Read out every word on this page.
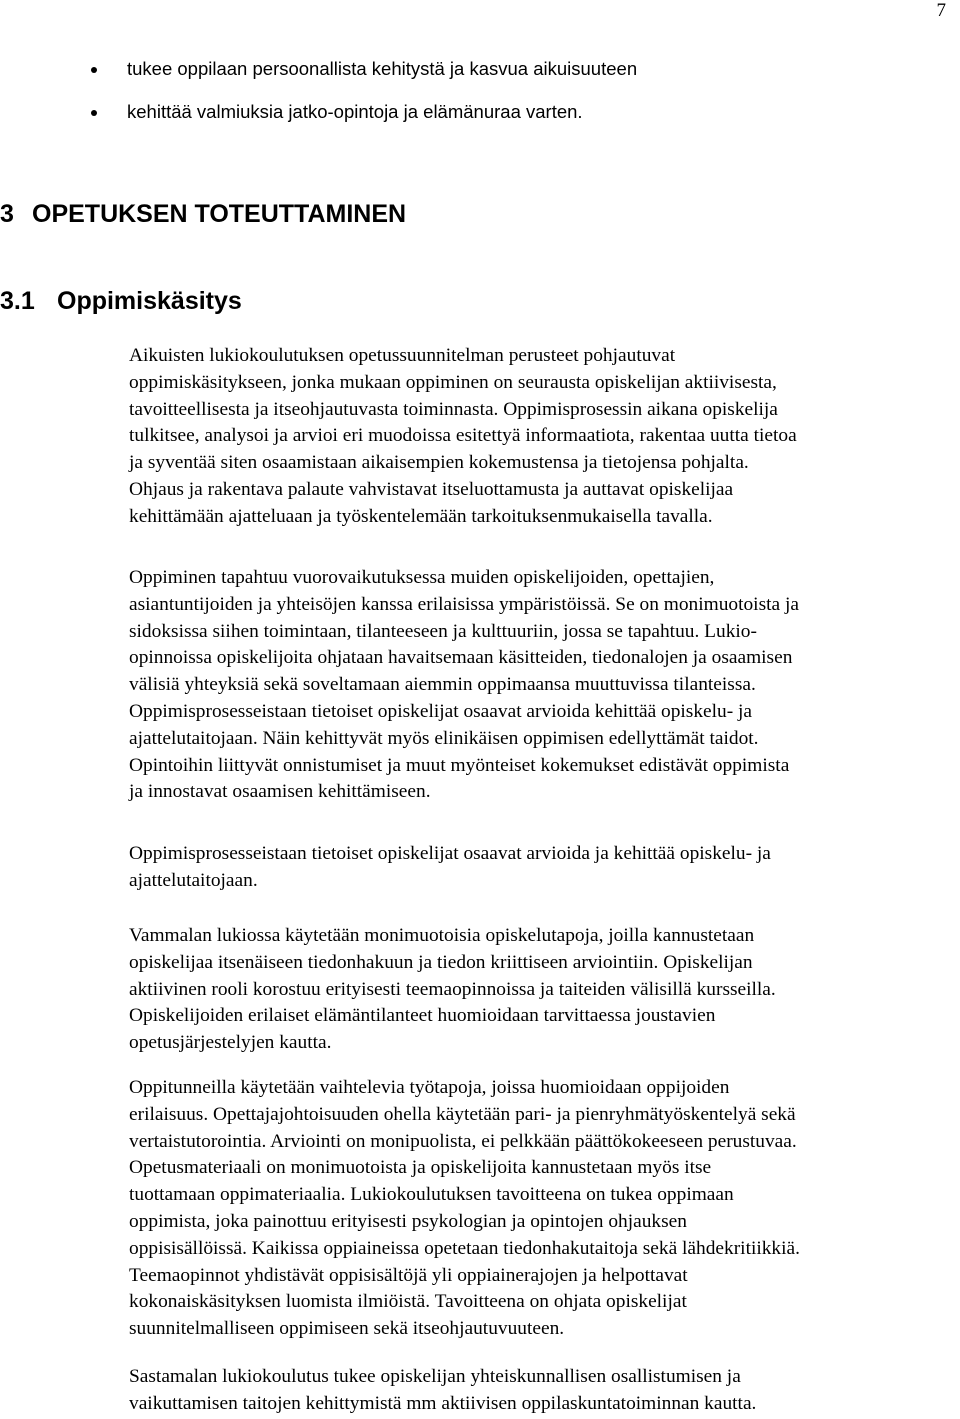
7
tukee oppilaan persoonallista kehitystä ja kasvua aikuisuuteen
kehittää valmiuksia jatko-opintoja ja elämänuraa varten.
3 OPETUKSEN TOTEUTTAMINEN
3.1 Oppimiskäsitys

Aikuisten lukiokoulutuksen opetussuunnitelman perusteet pohjautuvat
oppimiskäsitykseen, jonka mukaan oppiminen on seurausta opiskelijan aktiivisesta,
tavoitteellisesta ja itseohjautuvasta toiminnasta. Oppimisprosessin aikana opiskelija
tulkitsee, analysoi ja arvioi eri muodoissa esitettyä informaatiota, rakentaa uutta tietoa
ja syventää siten osaamistaan aikaisempien kokemustensa ja tietojensa pohjalta.
Ohjaus ja rakentava palaute vahvistavat itseluottamusta ja auttavat opiskelijaa
kehittämään ajatteluaan ja työskentelemään tarkoituksenmukaisella tavalla.

Oppiminen tapahtuu vuorovaikutuksessa muiden opiskelijoiden, opettajien,
asiantuntijoiden ja yhteisöjen kanssa erilaisissa ympäristöissä. Se on monimuotoista ja
sidoksissa siihen toimintaan, tilanteeseen ja kulttuuriin, jossa se tapahtuu. Lukio-
opinnoissa opiskelijoita ohjataan havaitsemaan käsitteiden, tiedonalojen ja osaamisen
välisiä yhteyksiä sekä soveltamaan aiemmin oppimaansa muuttuvissa tilanteissa.
Oppimisprosesseistaan tietoiset opiskelijat osaavat arvioida kehittää opiskelu- ja
ajattelutaitojaan. Näin kehittyvät myös elinikäisen oppimisen edellyttämät taidot.
Opintoihin liittyvät onnistumiset ja muut myönteiset kokemukset edistävät oppimista
ja innostavat osaamisen kehittämiseen.

Oppimisprosesseistaan tietoiset opiskelijat osaavat arvioida ja kehittää opiskelu- ja
ajattelutaitojaan.

Vammalan lukiossa käytetään monimuotoisia opiskelutapoja, joilla kannustetaan
opiskelijaa itsenäiseen tiedonhakuun ja tiedon kriittiseen arviointiin. Opiskelijan
aktiivinen rooli korostuu erityisesti teemaopinnoissa ja taiteiden välisillä kursseilla.
Opiskelijoiden erilaiset elämäntilanteet huomioidaan tarvittaessa joustavien
opetusjärjestelyjen kautta.

Oppitunneilla käytetään vaihtelevia työtapoja, joissa huomioidaan oppijoiden
erilaisuus. Opettajajohtoisuuden ohella käytetään pari- ja pienryhmätyöskentelyä sekä
vertaistutorointia. Arviointi on monipuolista, ei pelkkään päättökokeeseen perustuvaa.
Opetusmateriaali on monimuotoista ja opiskelijoita kannustetaan myös itse
tuottamaan oppimateriaalia. Lukiokoulutuksen tavoitteena on tukea oppimaan
oppimista, joka painottuu erityisesti psykologian ja opintojen ohjauksen
oppisisällöissä. Kaikissa oppiaineissa opetetaan tiedonhakutaitoja sekä lähdekritiikkiä.
Teemaopinnot yhdistävät oppisisältöjä yli oppiainerajojen ja helpottavat
kokonaiskäsityksen luomista ilmiöistä. Tavoitteena on ohjata opiskelijat
suunnitelmalliseen oppimiseen sekä itseohjautuvuuteen.

Sastamalan lukiokoulutus tukee opiskelijan yhteiskunnallisen osallistumisen ja
vaikuttamisen taitojen kehittymistä mm aktiivisen oppilaskuntatoiminnan kautta.
